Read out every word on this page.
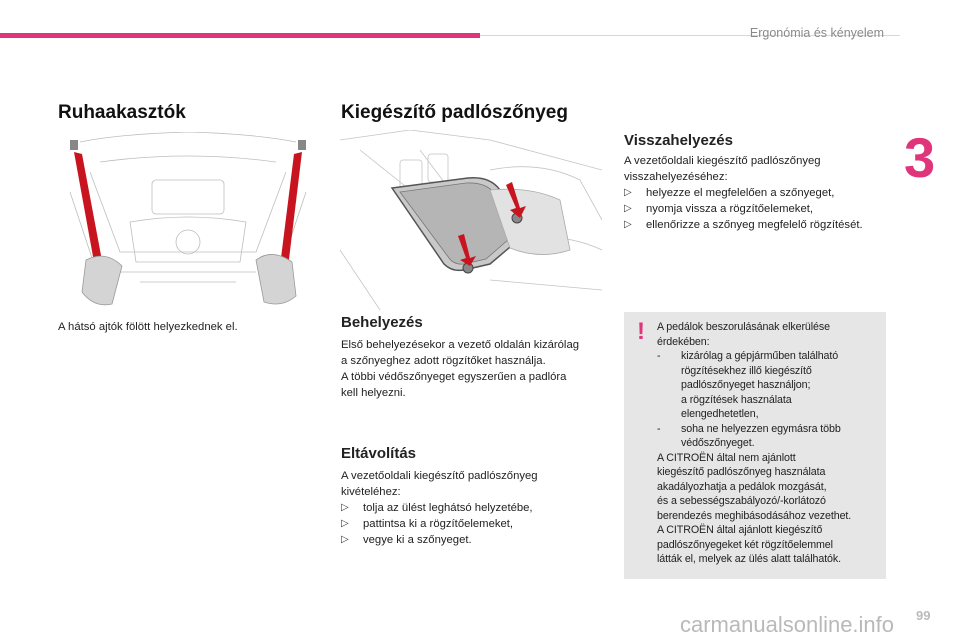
Ergonómia és kényelem
3
Ruhaakasztók
A hátsó ajtók fölött helyezkednek el.
Kiegészítő padlószőnyeg
Behelyezés

Első behelyezésekor a vezető oldalán kizárólag

a szőnyeghez adott rögzítőket használja.

A többi védőszőnyeget egyszerűen a padlóra

kell helyezni.

Eltávolítás

A vezetőoldali kiegészítő padlószőnyeg

kivételéhez:

▷ tolja az ülést leghátsó helyzetébe,

▷ pattintsa ki a rögzítőelemeket,

▷ vegye ki a szőnyeget.

Visszahelyezés

A vezetőoldali kiegészítő padlószőnyeg

visszahelyezéséhez:

▷ helyezze el megfelelően a szőnyeget,

▷ nyomja vissza a rögzítőelemeket,

▷ ellenőrizze a szőnyeg megfelelő rögzítését.

! A pedálok beszorulásának elkerülése

érdekében:

- kizárólag a gépjárműben található

rögzítésekhez illő kiegészítő

padlószőnyeget használjon;

a rögzítések használata

elengedhetetlen,

- soha ne helyezzen egymásra több

védőszőnyeget.

A CITROËN által nem ajánlott

kiegészítő padlószőnyeg használata

akadályozhatja a pedálok mozgását,

és a sebességszabályozó/-korlátozó

berendezés meghibásodásához vezethet.

A CITROËN által ajánlott kiegészítő

padlószőnyegeket két rögzítőelemmel

látták el, melyek az ülés alatt találhatók.

carmanualsonline.info 99
